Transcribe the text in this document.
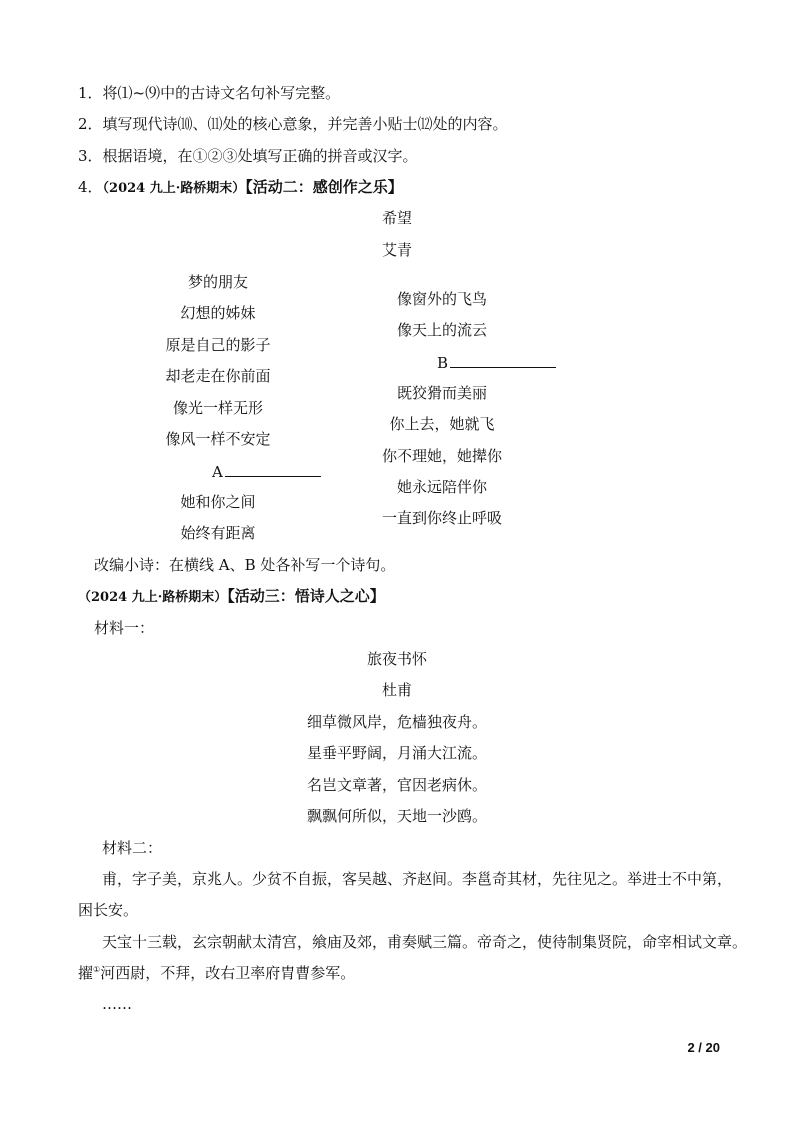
1．将⑴~⑼中的古诗文名句补写完整。
2．填写现代诗⑽、⑾处的核心意象，并完善小贴士⑿处的内容。
3．根据语境，在①②③处填写正确的拼音或汉字。
4．（2024 九上·路桥期末）【活动二：感创作之乐】
希望
艾青
梦的朋友
幻想的姊妹
原是自己的影子
却老走在你前面
像光一样无形
像风一样不安定
A
她和你之间
始终有距离
像窗外的飞鸟
像天上的流云
B
既狡猾而美丽
你上去，她就飞
你不理她，她撵你
她永远陪伴你
一直到你终止呼吸
改编小诗：在横线 A、B 处各补写一个诗句。
（2024 九上·路桥期末）【活动三：悟诗人之心】
材料一：
旅夜书怀
杜甫
细草微风岸，危樯独夜舟。
星垂平野阔，月涌大江流。
名岂文章著，官因老病休。
飘飘何所似，天地一沙鸥。
材料二：
甫，字子美，京兆人。少贫不自振，客吴越、齐赵间。李邕奇其材，先往见之。举进士不中第，
困长安。
天宝十三载，玄宗朝献太清宫，飨庙及郊，甫奏赋三篇。帝奇之，使待制集贤院，命宰相试文章。
擢①河西尉，不拜，改右卫率府胄曹参军。
……
2 / 20
